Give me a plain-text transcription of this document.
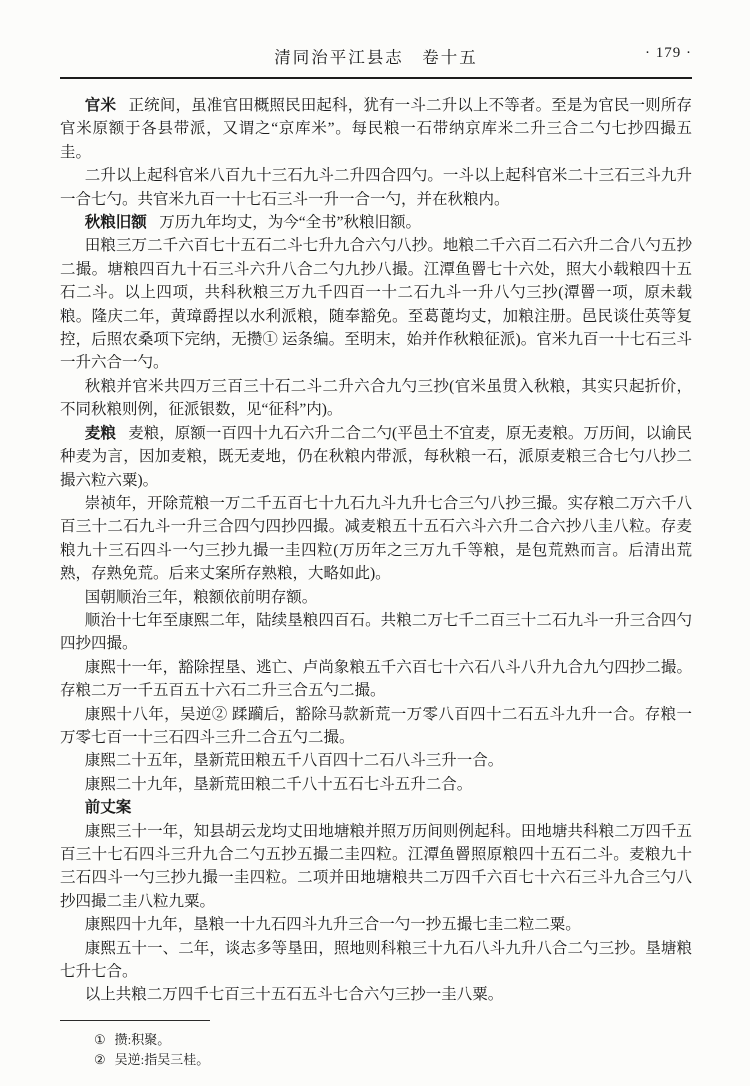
清同治平江县志　卷十五	· 179 ·

官米 正统间，虽准官田概照民田起科，犹有一斗二升以上不等者。至是为官民一则所存官米原额于各县带派，又谓之“京库米”。每民粮一石带纳京库米二升三合二勺七抄四撮五圭。

二升以上起科官米八百九十三石九斗二升四合四勺。一斗以上起科官米二十三石三斗九升一合七勺。共官米九百一十七石三斗一升一合一勺，并在秋粮内。

秋粮旧额 万历九年均丈，为今“全书”秋粮旧额。

田粮三万二千六百七十五石二斗七升九合六勺八抄。地粮二千六百二石六升二合八勺五抄二撮。塘粮四百九十石三斗六升八合二勺九抄八撮。江潭鱼罾七十六处，照大小载粮四十五石二斗。以上四项，共科秋粮三万九千四百一十二石九斗一升八勺三抄(潭罾一项，原未载粮。隆庆二年，黄璋爵捏以水利派粮，随奉豁免。至葛蓖均丈，加粮注册。邑民谈仕英等复控，后照农桑项下完纳，无攒① 运条编。至明末，始并作秋粮征派)。官米九百一十七石三斗一升六合一勺。

秋粮并官米共四万三百三十石二斗二升六合九勺三抄(官米虽贯入秋粮，其实只起折价，不同秋粮则例，征派银数，见“征科”内)。

麦粮 麦粮，原额一百四十九石六升二合二勺(平邑土不宜麦，原无麦粮。万历间，以谕民种麦为言，因加麦粮，既无麦地，仍在秋粮内带派，每秋粮一石，派原麦粮三合七勺八抄二撮六粒六粟)。

崇祯年，开除荒粮一万二千五百七十九石九斗九升七合三勺八抄三撮。实存粮二万六千八百三十二石九斗一升三合四勺四抄四撮。减麦粮五十五石六斗六升二合六抄八圭八粒。存麦粮九十三石四斗一勺三抄九撮一圭四粒(万历年之三万九千等粮，是包荒熟而言。后清出荒熟，存熟免荒。后来丈案所存熟粮，大略如此)。

国朝顺治三年，粮额依前明存额。

顺治十七年至康熙二年，陆续垦粮四百石。共粮二万七千二百三十二石九斗一升三合四勺四抄四撮。

康熙十一年，豁除捏垦、逃亡、卢尚象粮五千六百七十六石八斗八升九合九勺四抄二撮。存粮二万一千五百五十六石二升三合五勺二撮。

康熙十八年，吴逆② 蹂躏后，豁除马款新荒一万零八百四十二石五斗九升一合。存粮一万零七百一十三石四斗三升二合五勺二撮。

康熙二十五年，垦新荒田粮五千八百四十二石八斗三升一合。

康熙二十九年，垦新荒田粮二千八十五石七斗五升二合。

前丈案

康熙三十一年，知县胡云龙均丈田地塘粮并照万历间则例起科。田地塘共科粮二万四千五百三十七石四斗三升九合二勺五抄五撮二圭四粒。江潭鱼罾照原粮四十五石二斗。麦粮九十三石四斗一勺三抄九撮一圭四粒。二项并田地塘粮共二万四千六百七十六石三斗九合三勺八抄四撮二圭八粒九粟。

康熙四十九年，垦粮一十九石四斗九升三合一勺一抄五撮七圭二粒二粟。

康熙五十一、二年，谈志多等垦田，照地则科粮三十九石八斗九升八合二勺三抄。垦塘粮七升七合。

以上共粮二万四千七百三十五石五斗七合六勺三抄一圭八粟。

① 攒:积聚。
② 吴逆:指吴三桂。
